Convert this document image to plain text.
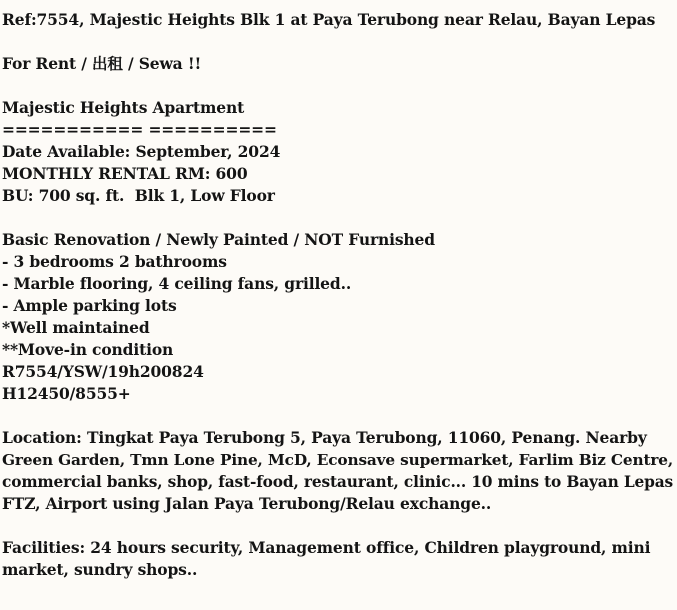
Ref:7554, Majestic Heights Blk 1 at Paya Terubong near Relau, Bayan Lepas
For Rent / 出租 / Sewa !!
Majestic Heights Apartment
=========== ==========
Date Available: September, 2024
MONTHLY RENTAL RM: 600
BU: 700 sq. ft.  Blk 1, Low Floor
Basic Renovation / Newly Painted / NOT Furnished
- 3 bedrooms 2 bathrooms
- Marble flooring, 4 ceiling fans, grilled..
- Ample parking lots
*Well maintained
**Move-in condition
R7554/YSW/19h200824
H12450/8555+
Location: Tingkat Paya Terubong 5, Paya Terubong, 11060, Penang. Nearby
Green Garden, Tmn Lone Pine, McD, Econsave supermarket, Farlim Biz Centre,
commercial banks, shop, fast-food, restaurant, clinic... 10 mins to Bayan Lepas
FTZ, Airport using Jalan Paya Terubong/Relau exchange..
Facilities: 24 hours security, Management office, Children playground, mini
market, sundry shops..
